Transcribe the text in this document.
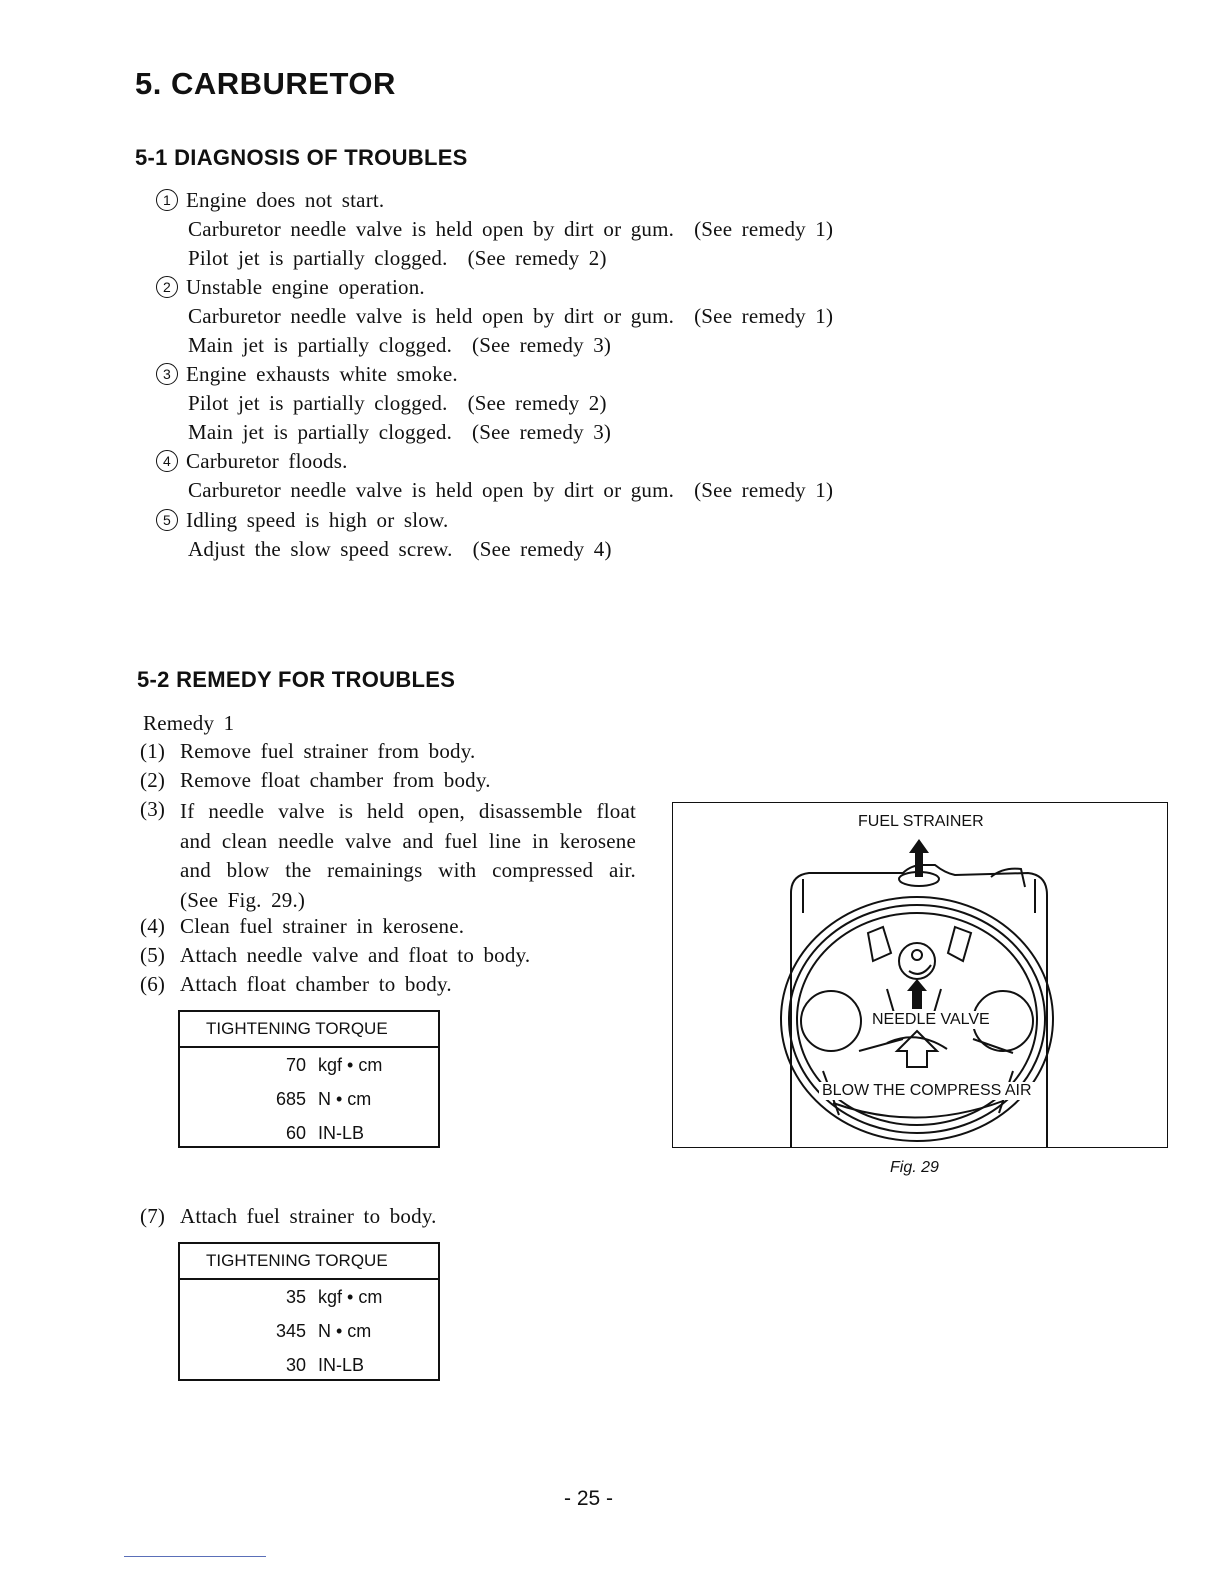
5. CARBURETOR
5-1 DIAGNOSIS OF TROUBLES
1 Engine does not start.
Carburetor needle valve is held open by dirt or gum. (See remedy 1)
Pilot jet is partially clogged. (See remedy 2)
2 Unstable engine operation.
Carburetor needle valve is held open by dirt or gum. (See remedy 1)
Main jet is partially clogged. (See remedy 3)
3 Engine exhausts white smoke.
Pilot jet is partially clogged. (See remedy 2)
Main jet is partially clogged. (See remedy 3)
4 Carburetor floods.
Carburetor needle valve is held open by dirt or gum. (See remedy 1)
5 Idling speed is high or slow.
Adjust the slow speed screw. (See remedy 4)
5-2 REMEDY FOR TROUBLES
Remedy 1
(1) Remove fuel strainer from body.
(2) Remove float chamber from body.
(3) If needle valve is held open, disassemble float and clean needle valve and fuel line in kerosene and blow the remainings with compressed air. (See Fig. 29.)
(4) Clean fuel strainer in kerosene.
(5) Attach needle valve and float to body.
(6) Attach float chamber to body.
(7) Attach fuel strainer to body.
TIGHTENING TORQUE
70 kgf • cm
685 N • cm
60 IN-LB
TIGHTENING TORQUE
35 kgf • cm
345 N • cm
30 IN-LB
FUEL STRAINER
NEEDLE VALVE
BLOW THE COMPRESS AIR
Fig. 29
- 25 -
